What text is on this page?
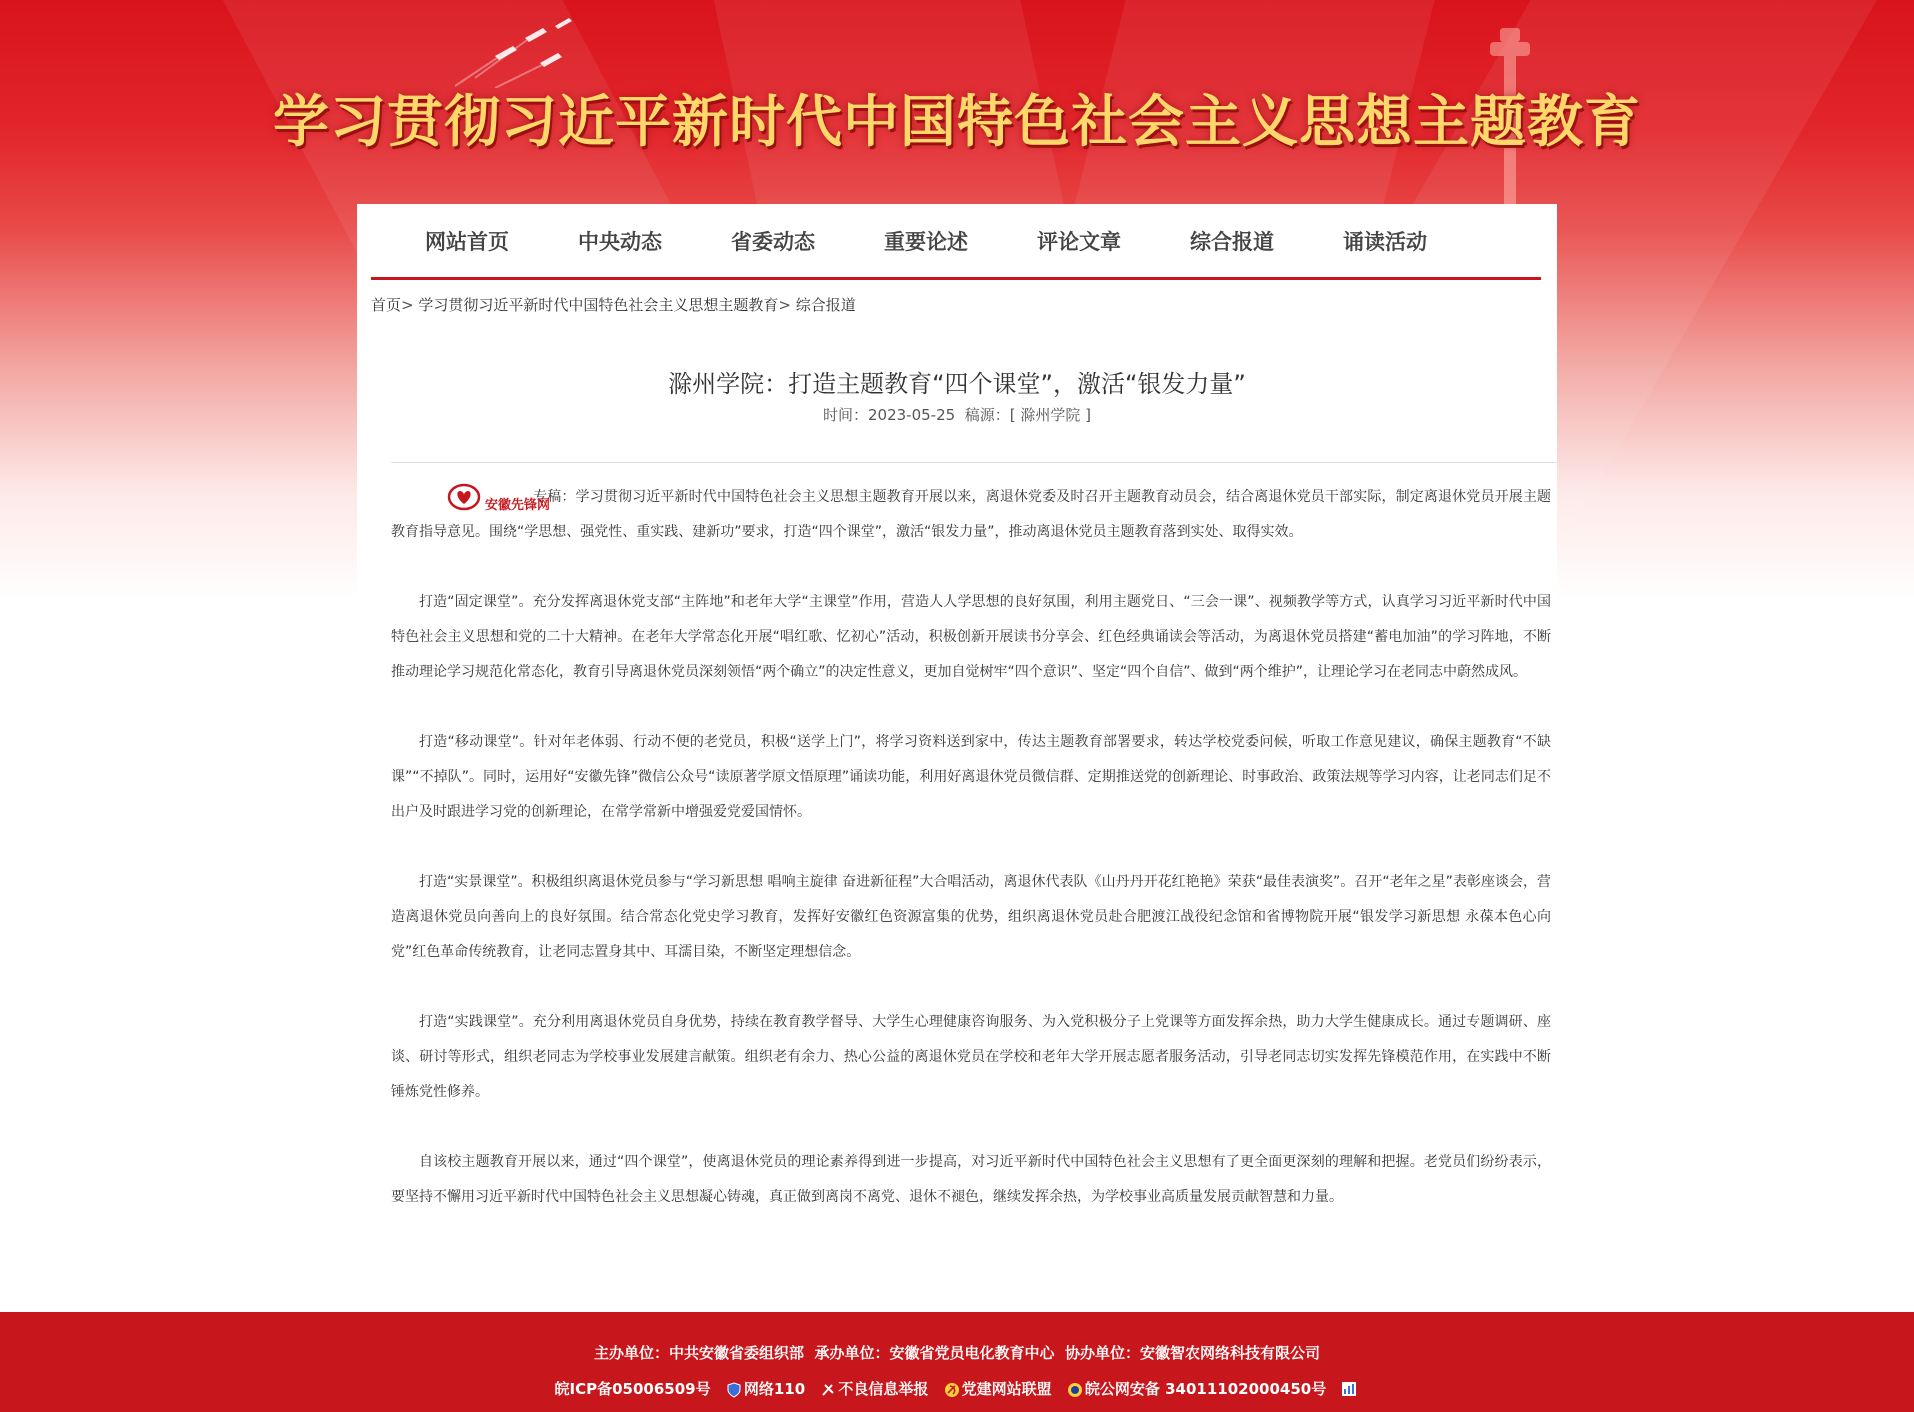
学习贯彻习近平新时代中国特色社会主义思想主题教育
网站首页	中央动态	省委动态	重要论述	评论文章	综合报道	诵读活动
首页> 学习贯彻习近平新时代中国特色社会主义思想主题教育> 综合报道
滁州学院：打造主题教育“四个课堂”，激活“银发力量”
时间：2023-05-25 稿源：[ 滁州学院 ]

安徽先锋网
专稿：学习贯彻习近平新时代中国特色社会主义思想主题教育开展以来，离退休党委及时召开主题教育动员会，结合离退休党员干部实际，制定离退休党员开展主题教育指导意见。围绕“学思想、强党性、重实践、建新功”要求，打造“四个课堂”，激活“银发力量”，推动离退休党员主题教育落到实处、取得实效。

打造“固定课堂”。充分发挥离退休党支部“主阵地”和老年大学“主课堂”作用，营造人人学思想的良好氛围，利用主题党日、“三会一课”、视频教学等方式，认真学习习近平新时代中国特色社会主义思想和党的二十大精神。在老年大学常态化开展“唱红歌、忆初心”活动，积极创新开展读书分享会、红色经典诵读会等活动，为离退休党员搭建“蓄电加油”的学习阵地，不断推动理论学习规范化常态化，教育引导离退休党员深刻领悟“两个确立”的决定性意义，更加自觉树牢“四个意识”、坚定“四个自信”、做到“两个维护”，让理论学习在老同志中蔚然成风。

打造“移动课堂”。针对年老体弱、行动不便的老党员，积极“送学上门”，将学习资料送到家中，传达主题教育部署要求，转达学校党委问候，听取工作意见建议，确保主题教育“不缺课”“不掉队”。同时，运用好“安徽先锋”微信公众号“读原著学原文悟原理”诵读功能，利用好离退休党员微信群、定期推送党的创新理论、时事政治、政策法规等学习内容，让老同志们足不出户及时跟进学习党的创新理论，在常学常新中增强爱党爱国情怀。

打造“实景课堂”。积极组织离退休党员参与“学习新思想 唱响主旋律 奋进新征程”大合唱活动，离退休代表队《山丹丹开花红艳艳》荣获“最佳表演奖”。召开“老年之星”表彰座谈会，营造离退休党员向善向上的良好氛围。结合常态化党史学习教育，发挥好安徽红色资源富集的优势，组织离退休党员赴合肥渡江战役纪念馆和省博物院开展“银发学习新思想 永葆本色心向党”红色革命传统教育，让老同志置身其中、耳濡目染，不断坚定理想信念。

打造“实践课堂”。充分利用离退休党员自身优势，持续在教育教学督导、大学生心理健康咨询服务、为入党积极分子上党课等方面发挥余热，助力大学生健康成长。通过专题调研、座谈、研讨等形式，组织老同志为学校事业发展建言献策。组织老有余力、热心公益的离退休党员在学校和老年大学开展志愿者服务活动，引导老同志切实发挥先锋模范作用，在实践中不断锤炼党性修养。

自该校主题教育开展以来，通过“四个课堂”，使离退休党员的理论素养得到进一步提高，对习近平新时代中国特色社会主义思想有了更全面更深刻的理解和把握。老党员们纷纷表示，要坚持不懈用习近平新时代中国特色社会主义思想凝心铸魂，真正做到离岗不离党、退休不褪色，继续发挥余热，为学校事业高质量发展贡献智慧和力量。

主办单位：中共安徽省委组织部 承办单位：安徽省党员电化教育中心 协办单位：安徽智农网络科技有限公司
皖ICP备05006509号 网络110 不良信息举报 党建网站联盟 皖公网安备 34011102000450号
